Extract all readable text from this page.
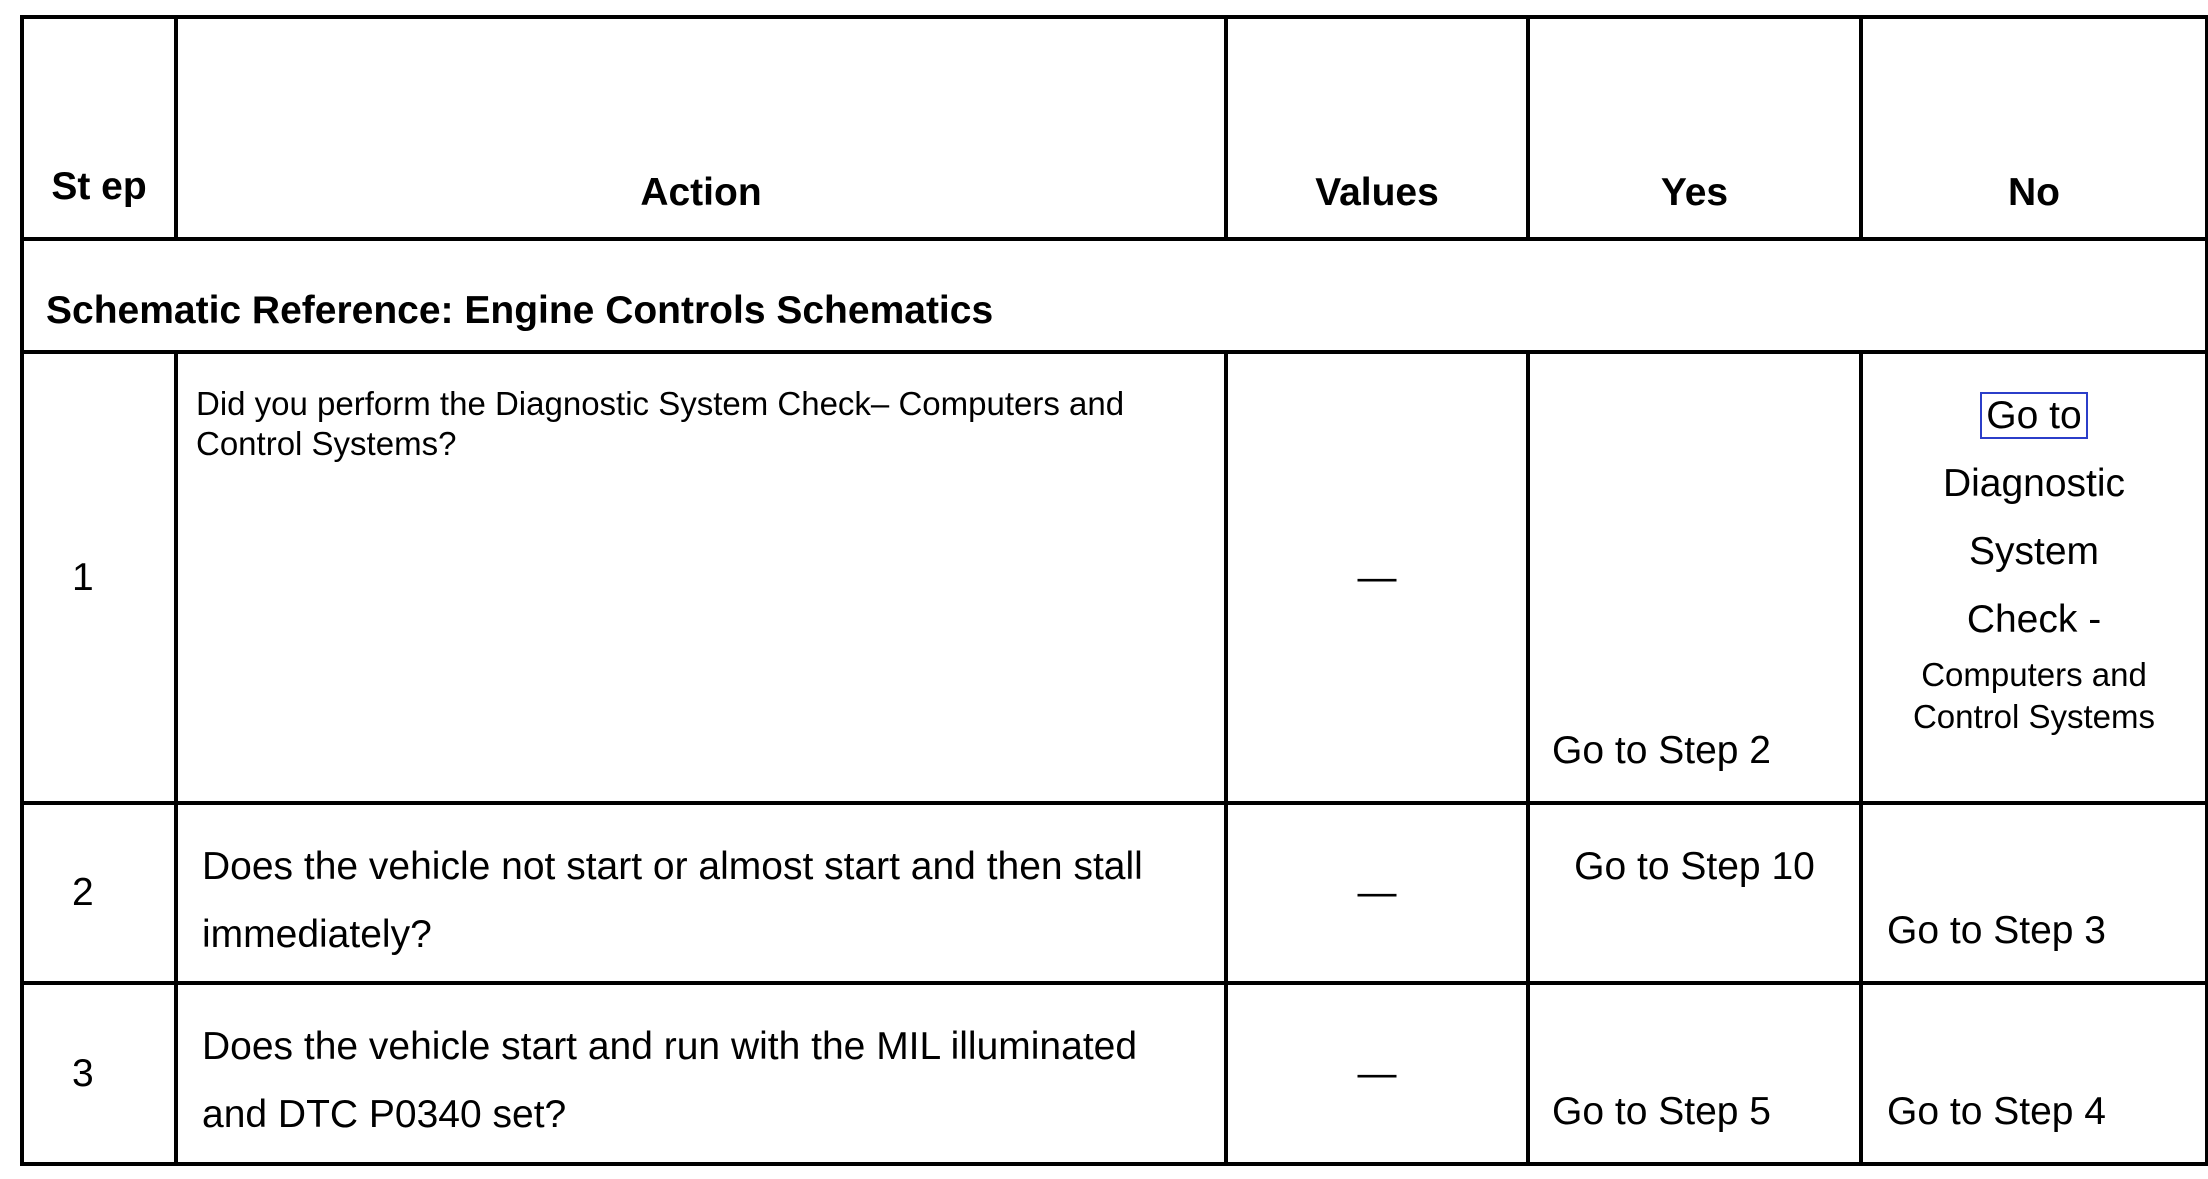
St ep	Action	Values	Yes	No
Schematic Reference: Engine Controls Schematics				
1	Did you perform the Diagnostic System Check– Computers and Control Systems?	—	Go to Step 2	Go to
Diagnostic
System
Check -
Computers and Control Systems

2	Does the vehicle not start or almost start and then stall immediately?	—	Go to Step 10	Go to Step 3
3	Does the vehicle start and run with the MIL illuminated and DTC P0340 set?	—	Go to Step 5	Go to Step 4
